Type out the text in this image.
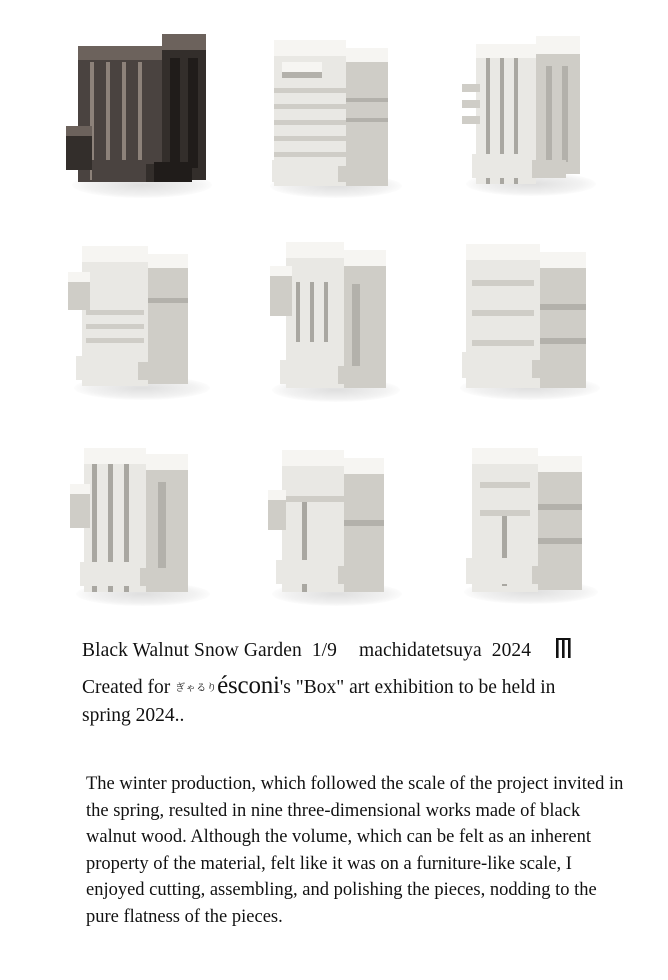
Black Walnut Snow Garden 1/9 machidatetsuya 2024
Created for ぎゃるりésconi's "Box" art exhibition to be held in spring 2024..

The winter production, which followed the scale of the project invited in the spring, resulted in nine three-dimensional works made of black walnut wood. Although the volume, which can be felt as an inherent property of the material, felt like it was on a furniture-like scale, I enjoyed cutting, assembling, and polishing the pieces, nodding to the pure flatness of the pieces.
